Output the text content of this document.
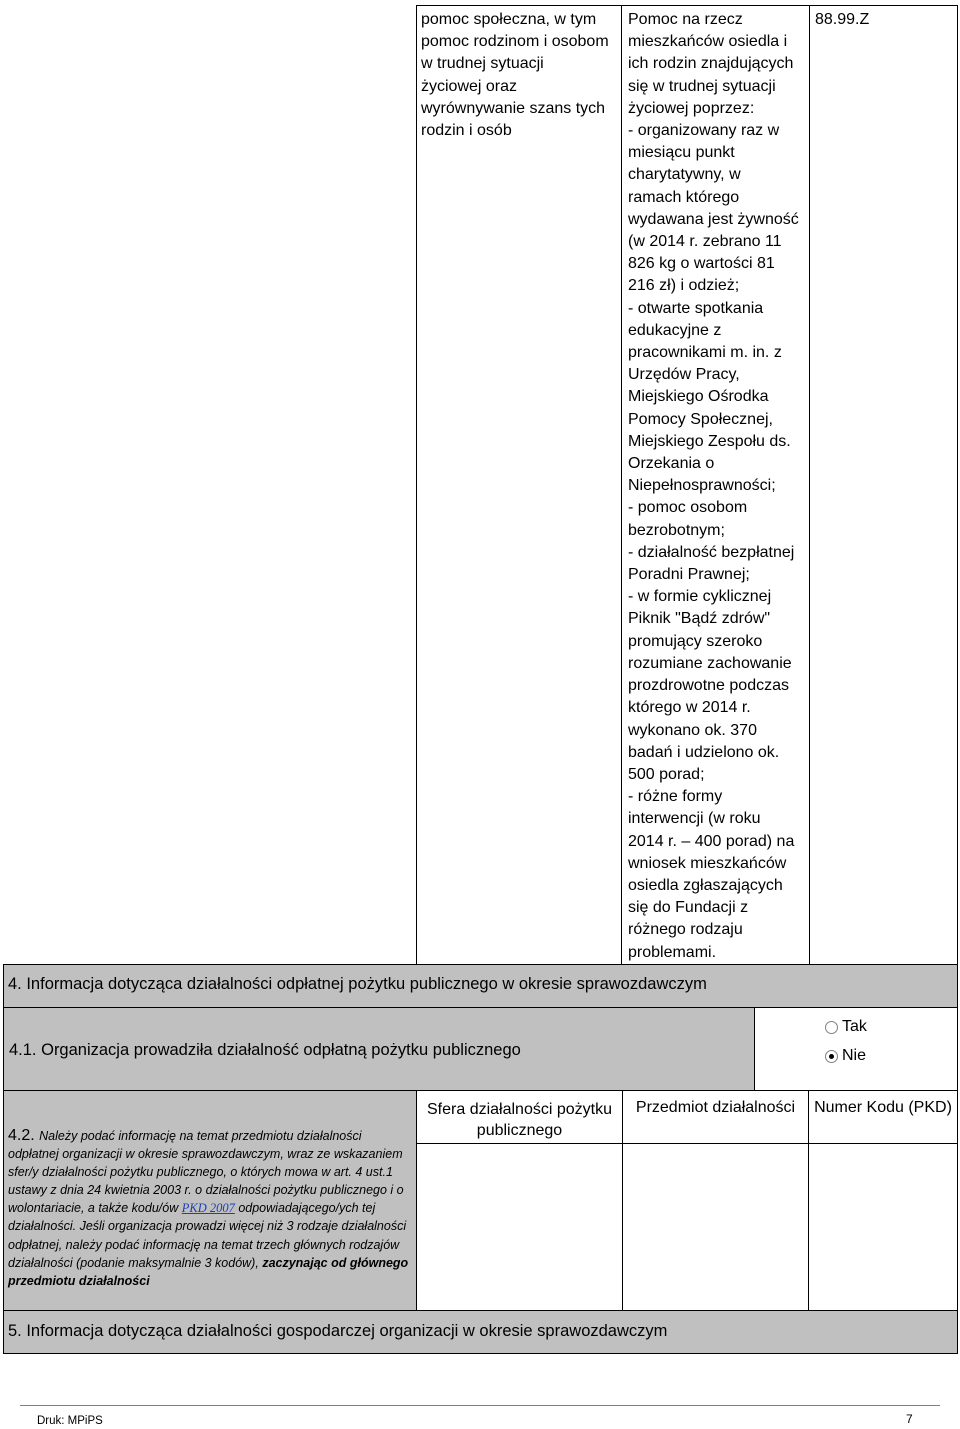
pomoc społeczna, w tym
pomoc rodzinom i osobom
w trudnej sytuacji
życiowej oraz
wyrównywanie szans tych
rodzin i osób
Pomoc na rzecz
mieszkańców osiedla i
ich rodzin znajdujących
się w trudnej sytuacji
życiowej poprzez:
- organizowany raz w
miesiącu punkt
charytatywny, w
ramach którego
wydawana jest żywność
(w 2014 r. zebrano 11
826 kg o wartości 81
216 zł) i odzież;
- otwarte spotkania
edukacyjne z
pracownikami m. in. z
Urzędów Pracy,
Miejskiego Ośrodka
Pomocy Społecznej,
Miejskiego Zespołu ds.
Orzekania o
Niepełnosprawności;
- pomoc osobom
bezrobotnym;
- działalność bezpłatnej
Poradni Prawnej;
- w formie cyklicznej
Piknik "Bądź zdrów"
promujący szeroko
rozumiane zachowanie
prozdrowotne podczas
którego w 2014 r.
wykonano ok. 370
badań i udzielono ok.
500 porad;
- różne formy
interwencji (w roku
2014 r. – 400 porad) na
wniosek mieszkańców
osiedla zgłaszających
się do Fundacji z
różnego rodzaju
problemami.
88.99.Z
4. Informacja dotycząca działalności odpłatnej pożytku publicznego w okresie sprawozdawczym
4.1. Organizacja prowadziła działalność odpłatną pożytku publicznego
Tak
Nie
4.2. Należy podać informację na temat przedmiotu działalności odpłatnej organizacji w okresie sprawozdawczym, wraz ze wskazaniem sfer/y działalności pożytku publicznego, o których mowa w art. 4 ust.1 ustawy z dnia 24 kwietnia 2003 r. o działalności pożytku publicznego i o wolontariacie, a także kodu/ów PKD 2007 odpowiadającego/ych tej działalności. Jeśli organizacja prowadzi więcej niż 3 rodzaje działalności odpłatnej, należy podać informację na temat trzech głównych rodzajów działalności (podanie maksymalnie 3 kodów), zaczynając od głównego przedmiotu działalności
Sfera działalności pożytku publicznego
Przedmiot działalności	Numer Kodu (PKD)
5. Informacja dotycząca działalności gospodarczej organizacji w okresie sprawozdawczym
Druk: MPiPS	7
